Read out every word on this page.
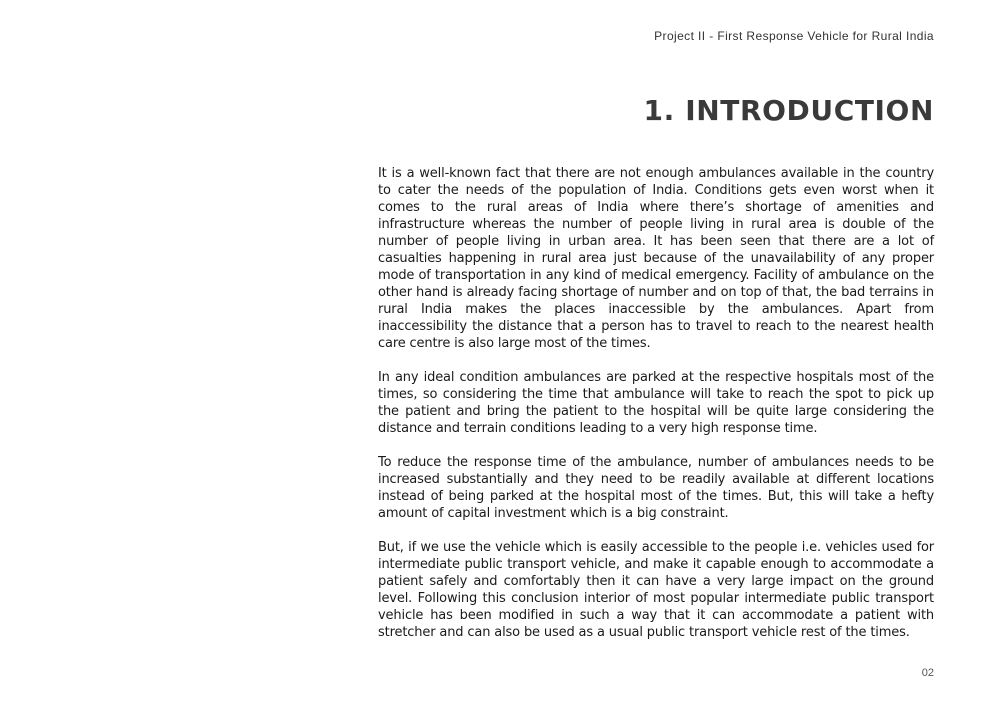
Project II - First Response Vehicle for Rural India
1. INTRODUCTION

It is a well-known fact that there are not enough ambulances available in the country to cater the needs of the population of India. Conditions gets even worst when it comes to the rural areas of India where there’s shortage of amenities and infrastructure whereas the number of people living in rural area is double of the number of people living in urban area. It has been seen that there are a lot of casualties happening in rural area just because of the unavailability of any proper mode of transportation in any kind of medical emergency. Facility of ambulance on the other hand is already facing shortage of number and on top of that, the bad terrains in rural India makes the places inaccessible by the ambulances. Apart from inaccessibility the distance that a person has to travel to reach to the nearest health care centre is also large most of the times.

In any ideal condition ambulances are parked at the respective hospitals most of the times, so considering the time that ambulance will take to reach the spot to pick up the patient and bring the patient to the hospital will be quite large considering the distance and terrain conditions leading to a very high response time.

To reduce the response time of the ambulance, number of ambulances needs to be increased substantially and they need to be readily available at different locations instead of being parked at the hospital most of the times. But, this will take a hefty amount of capital investment which is a big constraint.

But, if we use the vehicle which is easily accessible to the people i.e. vehicles used for intermediate public transport vehicle, and make it capable enough to accommodate a patient safely and comfortably then it can have a very large impact on the ground level. Following this conclusion interior of most popular intermediate public transport vehicle has been modified in such a way that it can accommodate a patient with stretcher and can also be used as a usual public transport vehicle rest of the times.

02
